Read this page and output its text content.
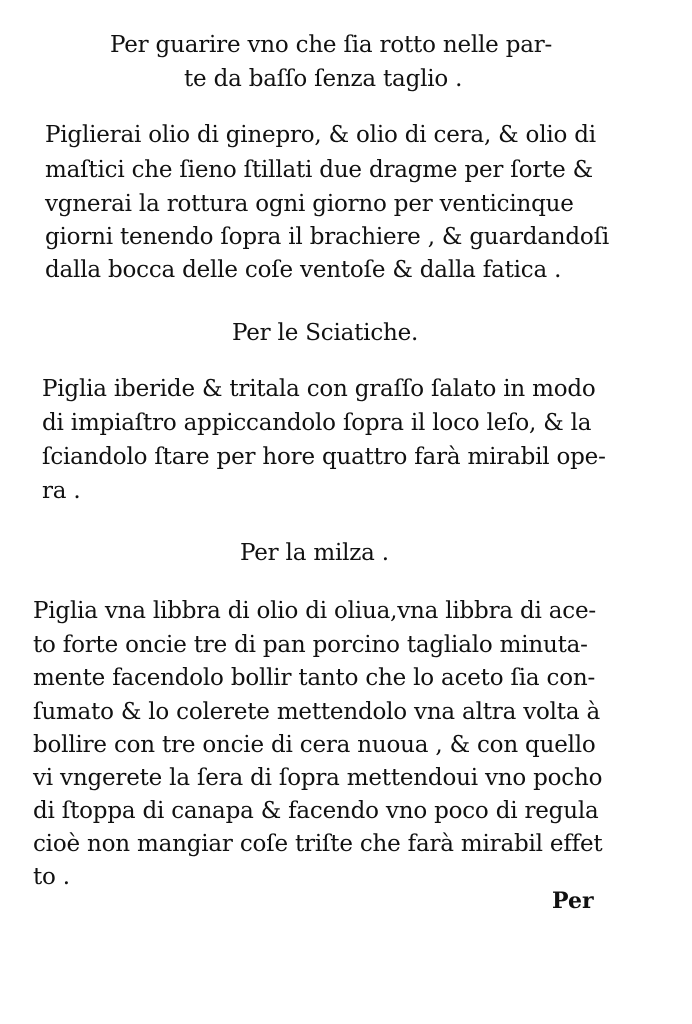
Per guarire vno che ſia rotto nelle par-
te da baſſo ſenza taglio .
Piglierai olio di ginepro, & olio di cera, & olio di
maſtici che ſieno ſtillati due dragme per ſorte &
vgnerai la rottura ogni giorno per venticinque
giorni tenendo ſopra il brachiere , & guardandoſi
dalla bocca delle coſe ventoſe & dalla fatica .
Per le Sciatiche.
Piglia iberide & tritala con graſſo ſalato in modo
di impiaſtro appiccandolo ſopra il loco leſo, & la
ſciandolo ſtare per hore quattro farà mirabil ope-
ra .
Per la milza .
Piglia vna libbra di olio di oliua,vna libbra di ace-
to forte oncie tre di pan porcino taglialo minuta-
mente facendolo bollir tanto che lo aceto ſia con-
ſumato & lo colerete mettendolo vna altra volta à
bollire con tre oncie di cera nuoua , & con quello
vi vngerete la ſera di ſopra mettendoui vno pocho
di ſtoppa di canapa & facendo vno poco di regula
cioè non mangiar coſe triſte che farà mirabil effet
to .
Per
